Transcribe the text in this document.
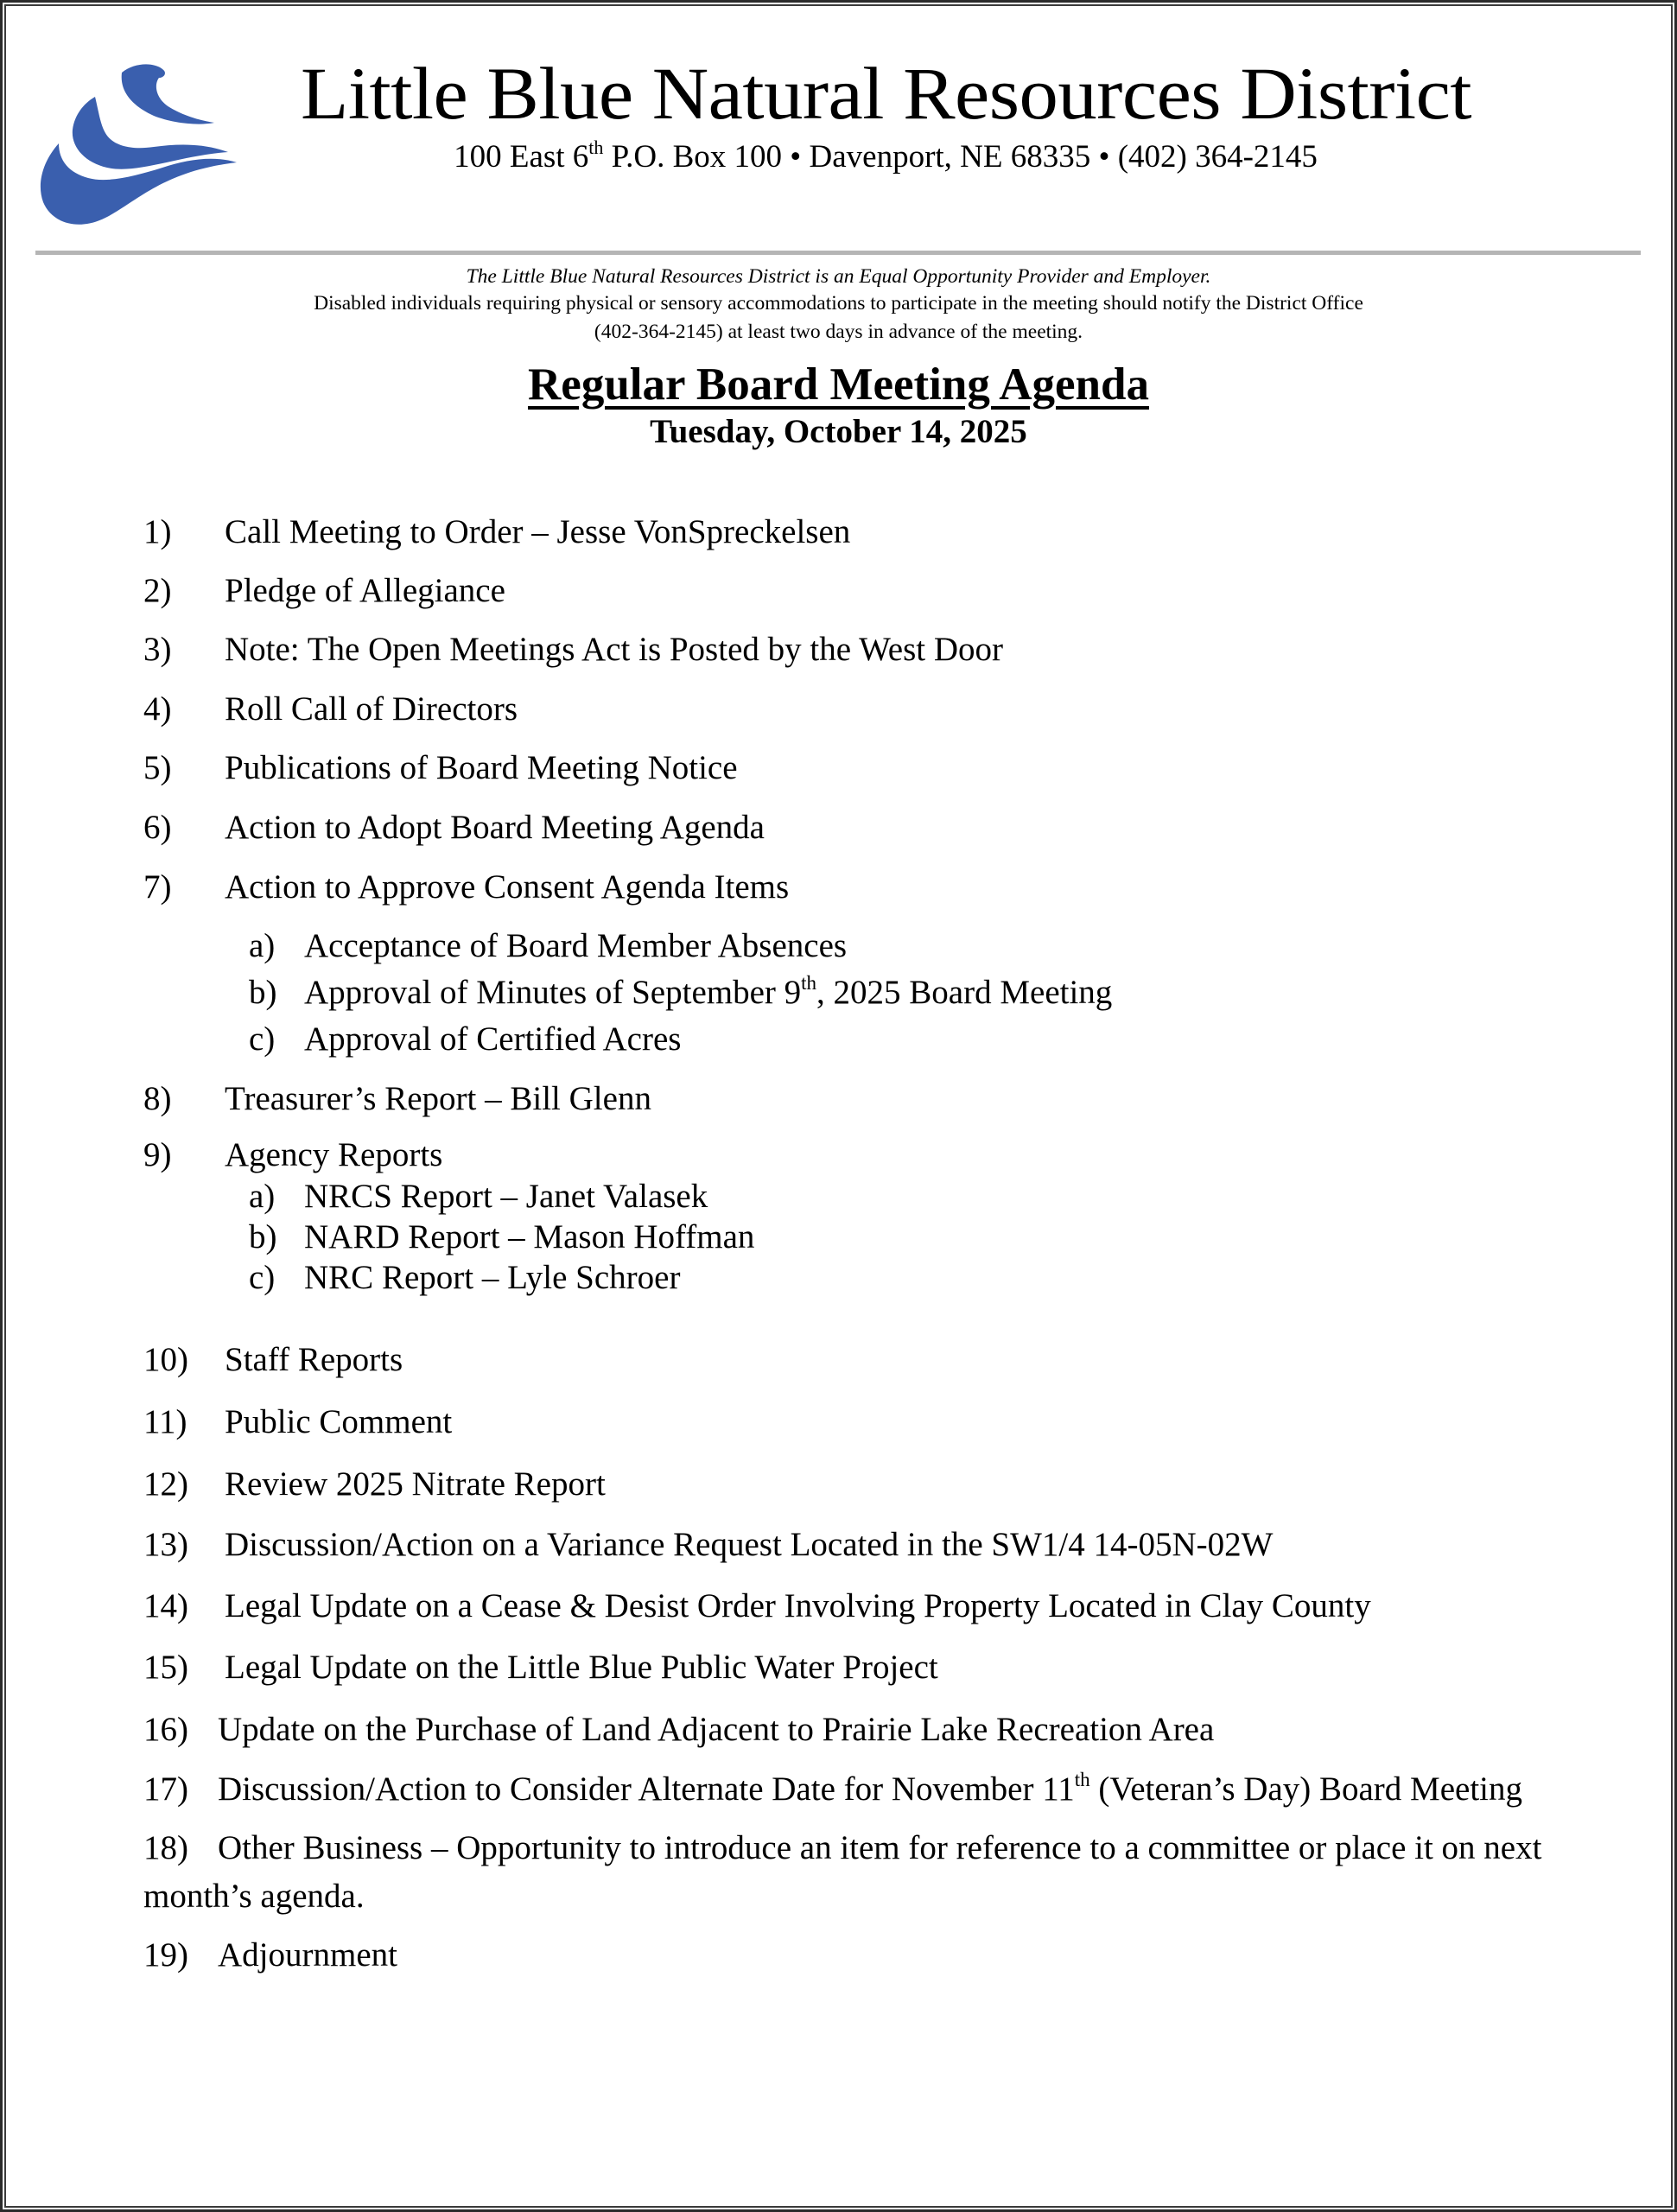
Little Blue Natural Resources District
100 East 6th P.O. Box 100 • Davenport, NE 68335 • (402) 364-2145
The Little Blue Natural Resources District is an Equal Opportunity Provider and Employer.
Disabled individuals requiring physical or sensory accommodations to participate in the meeting should notify the District Office
(402-364-2145) at least two days in advance of the meeting.
Regular Board Meeting Agenda
Tuesday, October 14, 2025
1) Call Meeting to Order – Jesse VonSpreckelsen
2) Pledge of Allegiance
3) Note: The Open Meetings Act is Posted by the West Door
4) Roll Call of Directors
5) Publications of Board Meeting Notice
6) Action to Adopt Board Meeting Agenda
7) Action to Approve Consent Agenda Items
a) Acceptance of Board Member Absences
b) Approval of Minutes of September 9th, 2025 Board Meeting
c) Approval of Certified Acres
8) Treasurer’s Report – Bill Glenn
9) Agency Reports
a) NRCS Report – Janet Valasek
b) NARD Report – Mason Hoffman
c) NRC Report – Lyle Schroer
10) Staff Reports
11) Public Comment
12) Review 2025 Nitrate Report
13) Discussion/Action on a Variance Request Located in the SW1/4 14-05N-02W
14) Legal Update on a Cease & Desist Order Involving Property Located in Clay County
15) Legal Update on the Little Blue Public Water Project
16) Update on the Purchase of Land Adjacent to Prairie Lake Recreation Area
17) Discussion/Action to Consider Alternate Date for November 11th (Veteran’s Day) Board Meeting
18) Other Business – Opportunity to introduce an item for reference to a committee or place it on next
month’s agenda.
19) Adjournment
